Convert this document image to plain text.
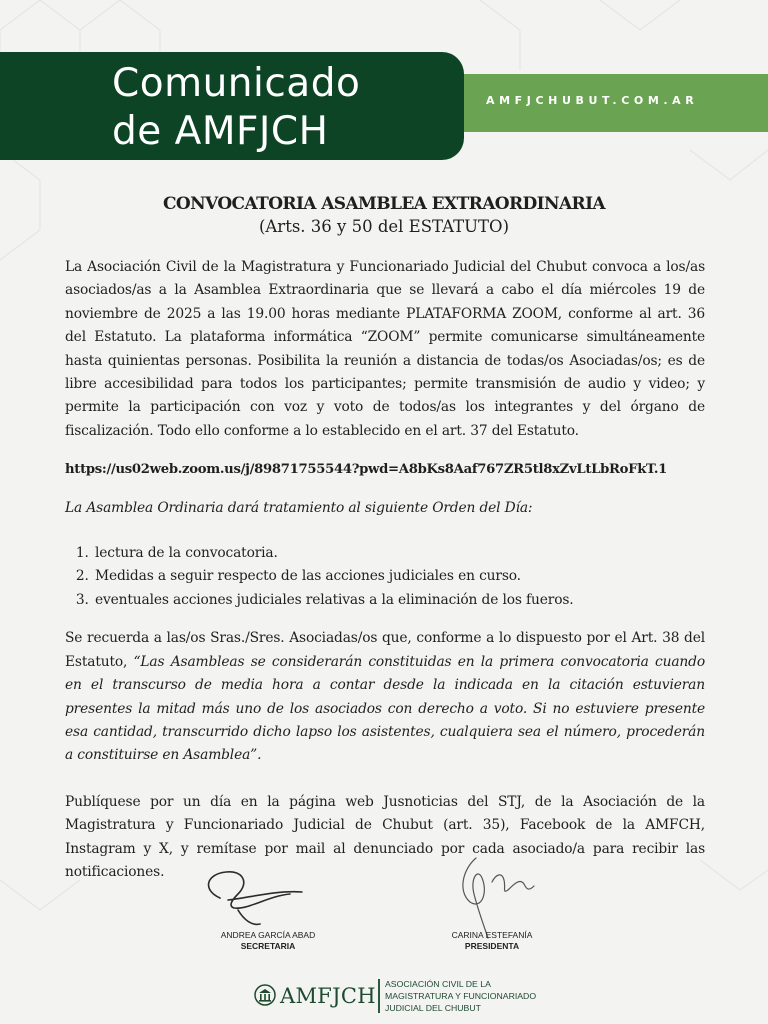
Comunicado
de AMFJCH
AMFJCHUBUT.COM.AR
CONVOCATORIA ASAMBLEA EXTRAORDINARIA
(Arts. 36 y 50 del ESTATUTO)

La Asociación Civil de la Magistratura y Funcionariado Judicial del Chubut convoca a los/as asociados/as a la Asamblea Extraordinaria que se llevará a cabo el día miércoles 19 de noviembre de 2025 a las 19.00 horas mediante PLATAFORMA ZOOM, conforme al art. 36 del Estatuto. La plataforma informática “ZOOM” permite comunicarse simultáneamente hasta quinientas personas. Posibilita la reunión a distancia de todas/os Asociadas/os; es de libre accesibilidad para todos los participantes; permite transmisión de audio y video; y permite la participación con voz y voto de todos/as los integrantes y del órgano de fiscalización. Todo ello conforme a lo establecido en el art. 37 del Estatuto.

https://us02web.zoom.us/j/89871755544?pwd=A8bKs8Aaf767ZR5tl8xZvLtLbRoFkT.1

La Asamblea Ordinaria dará tratamiento al siguiente Orden del Día:

1. lectura de la convocatoria.
2. Medidas a seguir respecto de las acciones judiciales en curso.
3. eventuales acciones judiciales relativas a la eliminación de los fueros.

Se recuerda a las/os Sras./Sres. Asociadas/os que, conforme a lo dispuesto por el Art. 38 del Estatuto, “Las Asambleas se considerarán constituidas en la primera convocatoria cuando en el transcurso de media hora a contar desde la indicada en la citación estuvieran presentes la mitad más uno de los asociados con derecho a voto. Si no estuviere presente esa cantidad, transcurrido dicho lapso los asistentes, cualquiera sea el número, procederán a constituirse en Asamblea”.

Publíquese por un día en la página web Jusnoticias del STJ, de la Asociación de la Magistratura y Funcionariado Judicial de Chubut (art. 35), Facebook de la AMFCH, Instagram y X, y remítase por mail al denunciado por cada asociado/a para recibir las notificaciones.

ANDREA GARCÍA ABAD
SECRETARIA
CARINA ESTEFANÍA
PRESIDENTA
AMFJCH ASOCIACIÓN CIVIL DE LA
MAGISTRATURA Y FUNCIONARIADO
JUDICIAL DEL CHUBUT
